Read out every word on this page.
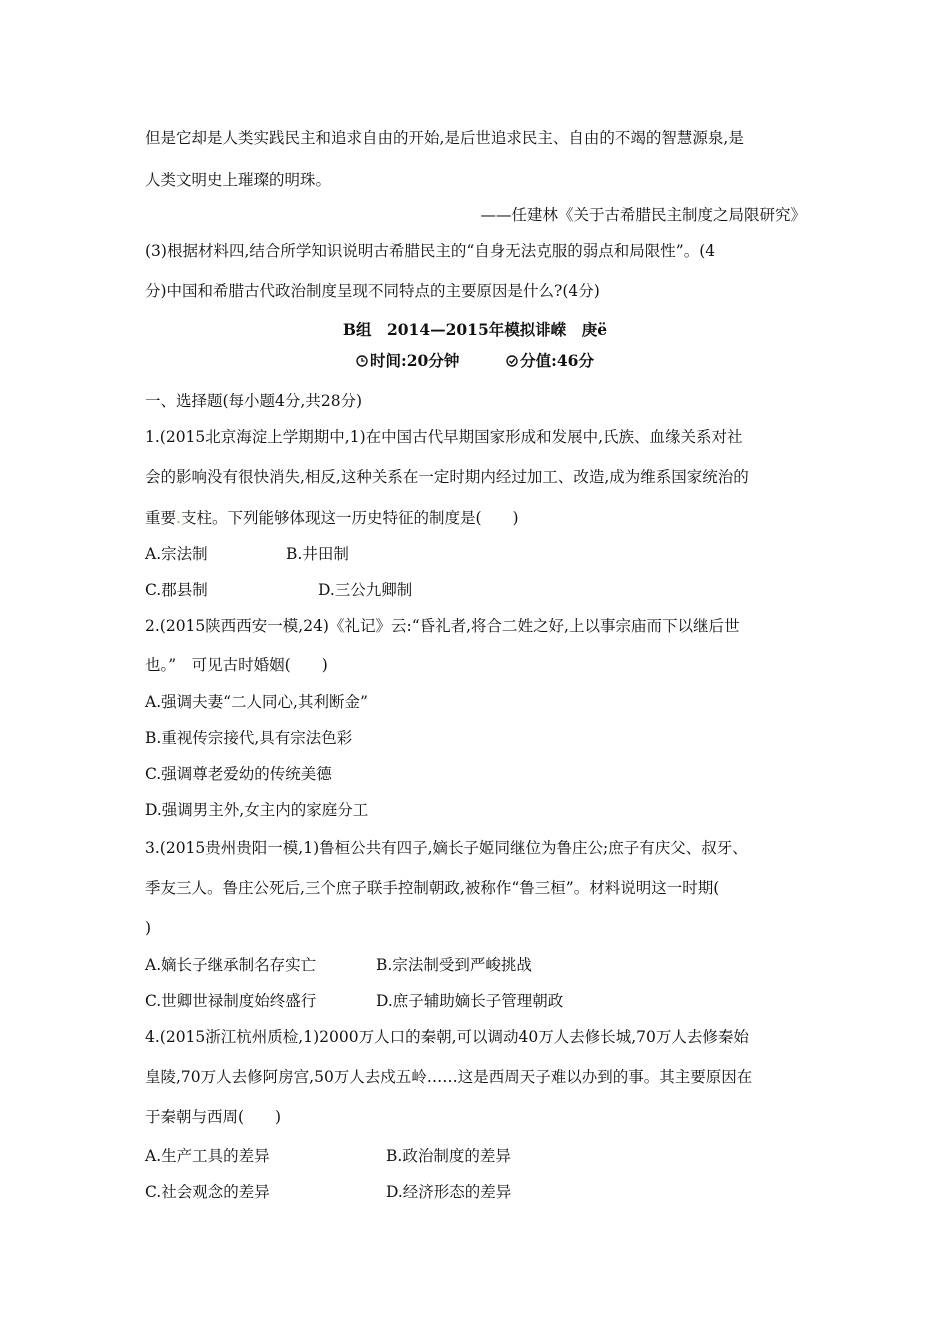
但是它却是人类实践民主和追求自由的开始,是后世追求民主、自由的不竭的智慧源泉,是
人类文明史上璀璨的明珠。
——任建林《关于古希腊民主制度之局限研究》
(3)根据材料四,结合所学知识说明古希腊民主的“自身无法克服的弱点和局限性”。(4
分)中国和希腊古代政治制度呈现不同特点的主要原因是什么?(4分)
B组　2014—2015年模拟诽嵘　庚ё
时间:20分钟	分值:46分
一、选择题(每小题4分,共28分)
1.(2015北京海淀上学期期中,1)在中国古代早期国家形成和发展中,氏族、血缘关系对社
会的影响没有很快消失,相反,这种关系在一定时期内经过加工、改造,成为维系国家统治的
重要.支柱。下列能够体现这一历史特征的制度是(　　)
A.宗法制	B.井田制
C.郡县制	D.三公九卿制
2.(2015陕西西安一模,24)《礼记》云:“昏礼者,将合二姓之好,上以事宗庙而下以继后世
也。”　可见古时婚姻(　　)
A.强调夫妻“二人同心,其利断金”
B.重视传宗接代,具有宗法色彩
C.强调尊老爱幼的传统美德
D.强调男主外,女主内的家庭分工
3.(2015贵州贵阳一模,1)鲁桓公共有四子,嫡长子姬同继位为鲁庄公;庶子有庆父、叔牙、
季友三人。鲁庄公死后,三个庶子联手控制朝政,被称作“鲁三桓”。材料说明这一时期(
)
A.嫡长子继承制名存实亡	B.宗法制受到严峻挑战
C.世卿世禄制度始终盛行	D.庶子辅助嫡长子管理朝政
4.(2015浙江杭州质检,1)2000万人口的秦朝,可以调动40万人去修长城,70万人去修秦始
皇陵,70万人去修阿房宫,50万人去戍五岭……这是西周天子难以办到的事。其主要原因在
于秦朝与西周(　　)
A.生产工具的差异	B.政治制度的差异
C.社会观念的差异	D.经济形态的差异
